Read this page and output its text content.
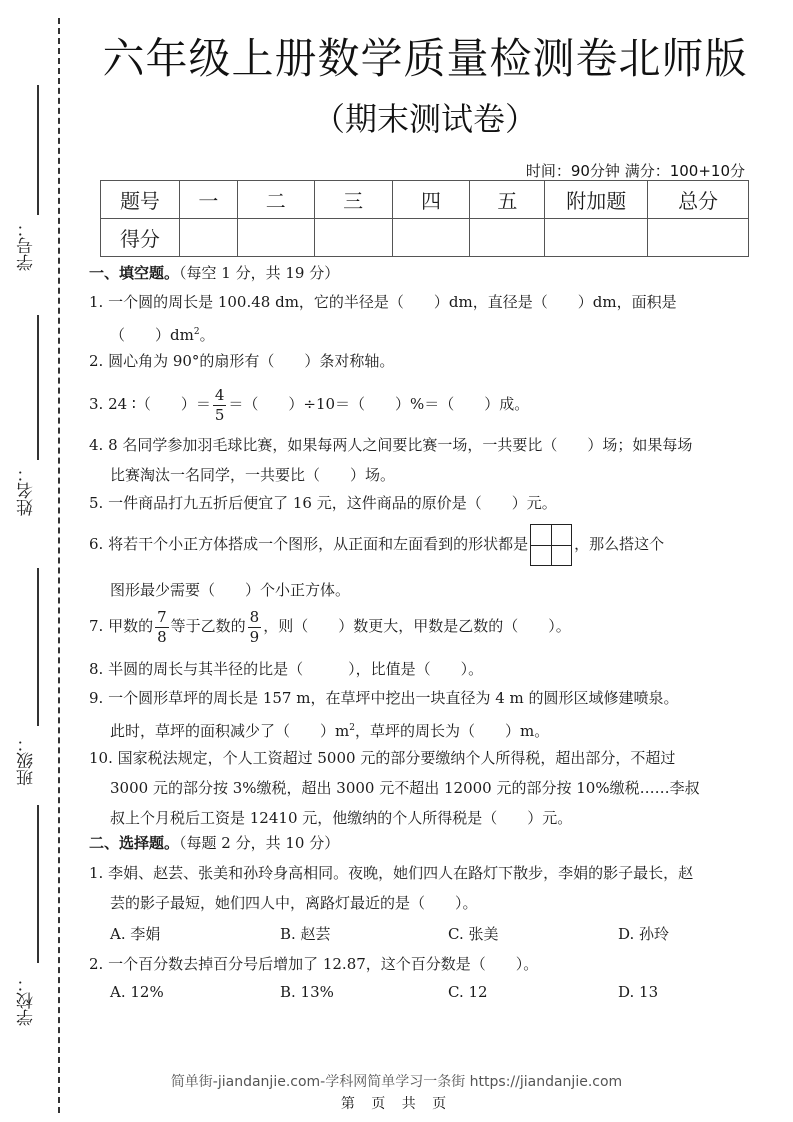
学号：
姓名：
班级：
学校：
六年级上册数学质量检测卷北师版
（期末测试卷）
时间：90分钟 满分：100+10分
题号	一	二	三	四	五	附加题	总分
得分							
一、填空题。（每空 1 分，共 19 分）
1. 一个圆的周长是 100.48 dm，它的半径是（　　）dm，直径是（　　）dm，面积是
（　　）$dm^2$。
2. 圆心角为 90°的扇形有（　　）条对称轴。
3. 24 ∶（　　）＝ $\frac{4}{5}$ ＝（　　）÷10＝（　　）%＝（　　）成。
4. 8 名同学参加羽毛球比赛，如果每两人之间要比赛一场，一共要比（　　）场；如果每场
比赛淘汰一名同学，一共要比（　　）场。
5. 一件商品打九五折后便宜了 16 元，这件商品的原价是（　　）元。
6. 将若干个小正方体搭成一个图形，从正面和左面看到的形状都是	，那么搭这个
图形最少需要（　　）个小正方体。
7. 甲数的 $\frac{7}{8}$ 等于乙数的 $\frac{8}{9}$ ，则（　　）数更大，甲数是乙数的（　　）。
8. 半圆的周长与其半径的比是（　　　），比值是（　　）。
9. 一个圆形草坪的周长是 157 m，在草坪中挖出一块直径为 4 m 的圆形区域修建喷泉。
此时，草坪的面积减少了（　　）$m^2$，草坪的周长为（　　）m。
10. 国家税法规定，个人工资超过 5000 元的部分要缴纳个人所得税，超出部分，不超过
3000 元的部分按 3%缴税，超出 3000 元不超出 12000 元的部分按 10%缴税……李叔
叔上个月税后工资是 12410 元，他缴纳的个人所得税是（　　）元。
二、选择题。（每题 2 分，共 10 分）
1. 李娟、赵芸、张美和孙玲身高相同。夜晚，她们四人在路灯下散步，李娟的影子最长，赵
芸的影子最短，她们四人中，离路灯最近的是（　　）。
A. 李娟	B. 赵芸	C. 张美	D. 孙玲
2. 一个百分数去掉百分号后增加了 12.87，这个百分数是（　　）。
A. 12%	B. 13%	C. 12	D. 13
简单街-jiandanjie.com-学科网简单学习一条街 https://jiandanjie.com
第 页 共 页
